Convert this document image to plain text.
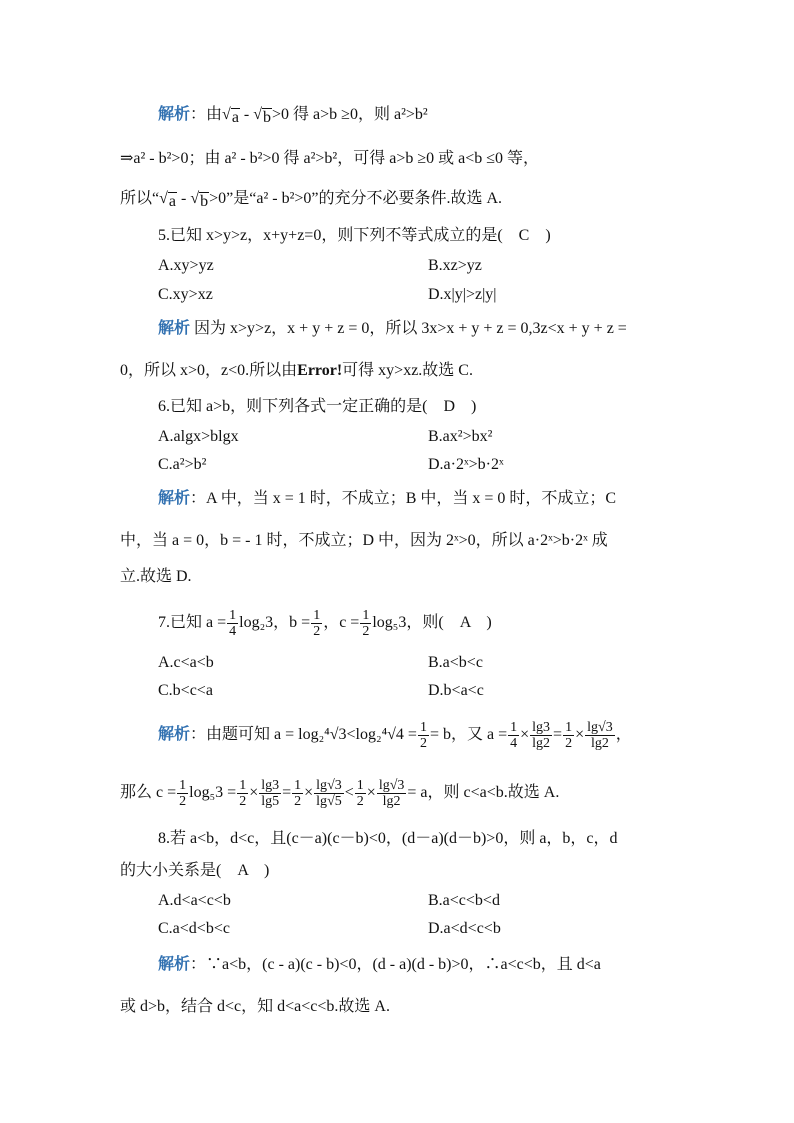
解析：由 √ a - √ b >0 得 a>b ≥0，则 a²>b²
⇒a² - b²>0；由 a² - b²>0 得 a²>b²，可得 a>b ≥0 或 a<b ≤0 等，
所以“ √ a - √ b >0”是“a² - b²>0”的充分不必要条件.故选 A.
5.已知 x>y>z，x+y+z=0，则下列不等式成立的是(　C　)
A.xy>yz	B.xz>yz
C.xy>xz	D.x|y|>z|y|
解析 因为 x>y>z，x + y + z = 0，所以 3x>x + y + z = 0,3z<x + y + z =
0，所以 x>0，z<0.所以由Error!可得 xy>xz.故选 C.
6.已知 a>b，则下列各式一定正确的是(　D　)
A.algx>blgx	B.ax²>bx²
C.a²>b²	D.a·2ˣ>b·2ˣ
解析：A 中，当 x = 1 时，不成立；B 中，当 x = 0 时，不成立；C
中，当 a = 0，b = - 1 时，不成立；D 中，因为 2ˣ>0，所以 a·2ˣ>b·2ˣ 成
立.故选 D.
7.已知 $a = \frac{1}{4} \log_23$，$b = \frac{1}{2}$ ，$c = \frac{1}{2} \log_53$，则(　A　)
A.c<a<b	B.a<b<c
C.b<c<a	D.b<a<c
解析：由题可知 $a = \log_2^4√3<\log_2^4√4 = \frac{1}{2} = b$，又 $a = \frac{1}{4} \times \frac{\lg 3}{\lg 2} = \frac{1}{2} \times \frac{\lg√3}{\lg 2}$ ，
那么 $c = \frac{1}{2} \log_53 = \frac{1}{2} \times \frac{\lg 3}{\lg 5} = \frac{1}{2} \times \frac{\lg√3}{\lg√5} < \frac{1}{2} \times \frac{\lg√3}{\lg 2} = a$，则 c<a<b.故选 A.
8.若 a<b，d<c，且(c－a)(c－b)<0，(d－a)(d－b)>0，则 a，b，c，d
的大小关系是(　A　)
A.d<a<c<b	B.a<c<b<d
C.a<d<b<c	D.a<d<c<b
解析：∵a<b，(c - a)(c - b)<0，(d - a)(d - b)>0，∴a<c<b，且 d<a
或 d>b，结合 d<c，知 d<a<c<b.故选 A.
